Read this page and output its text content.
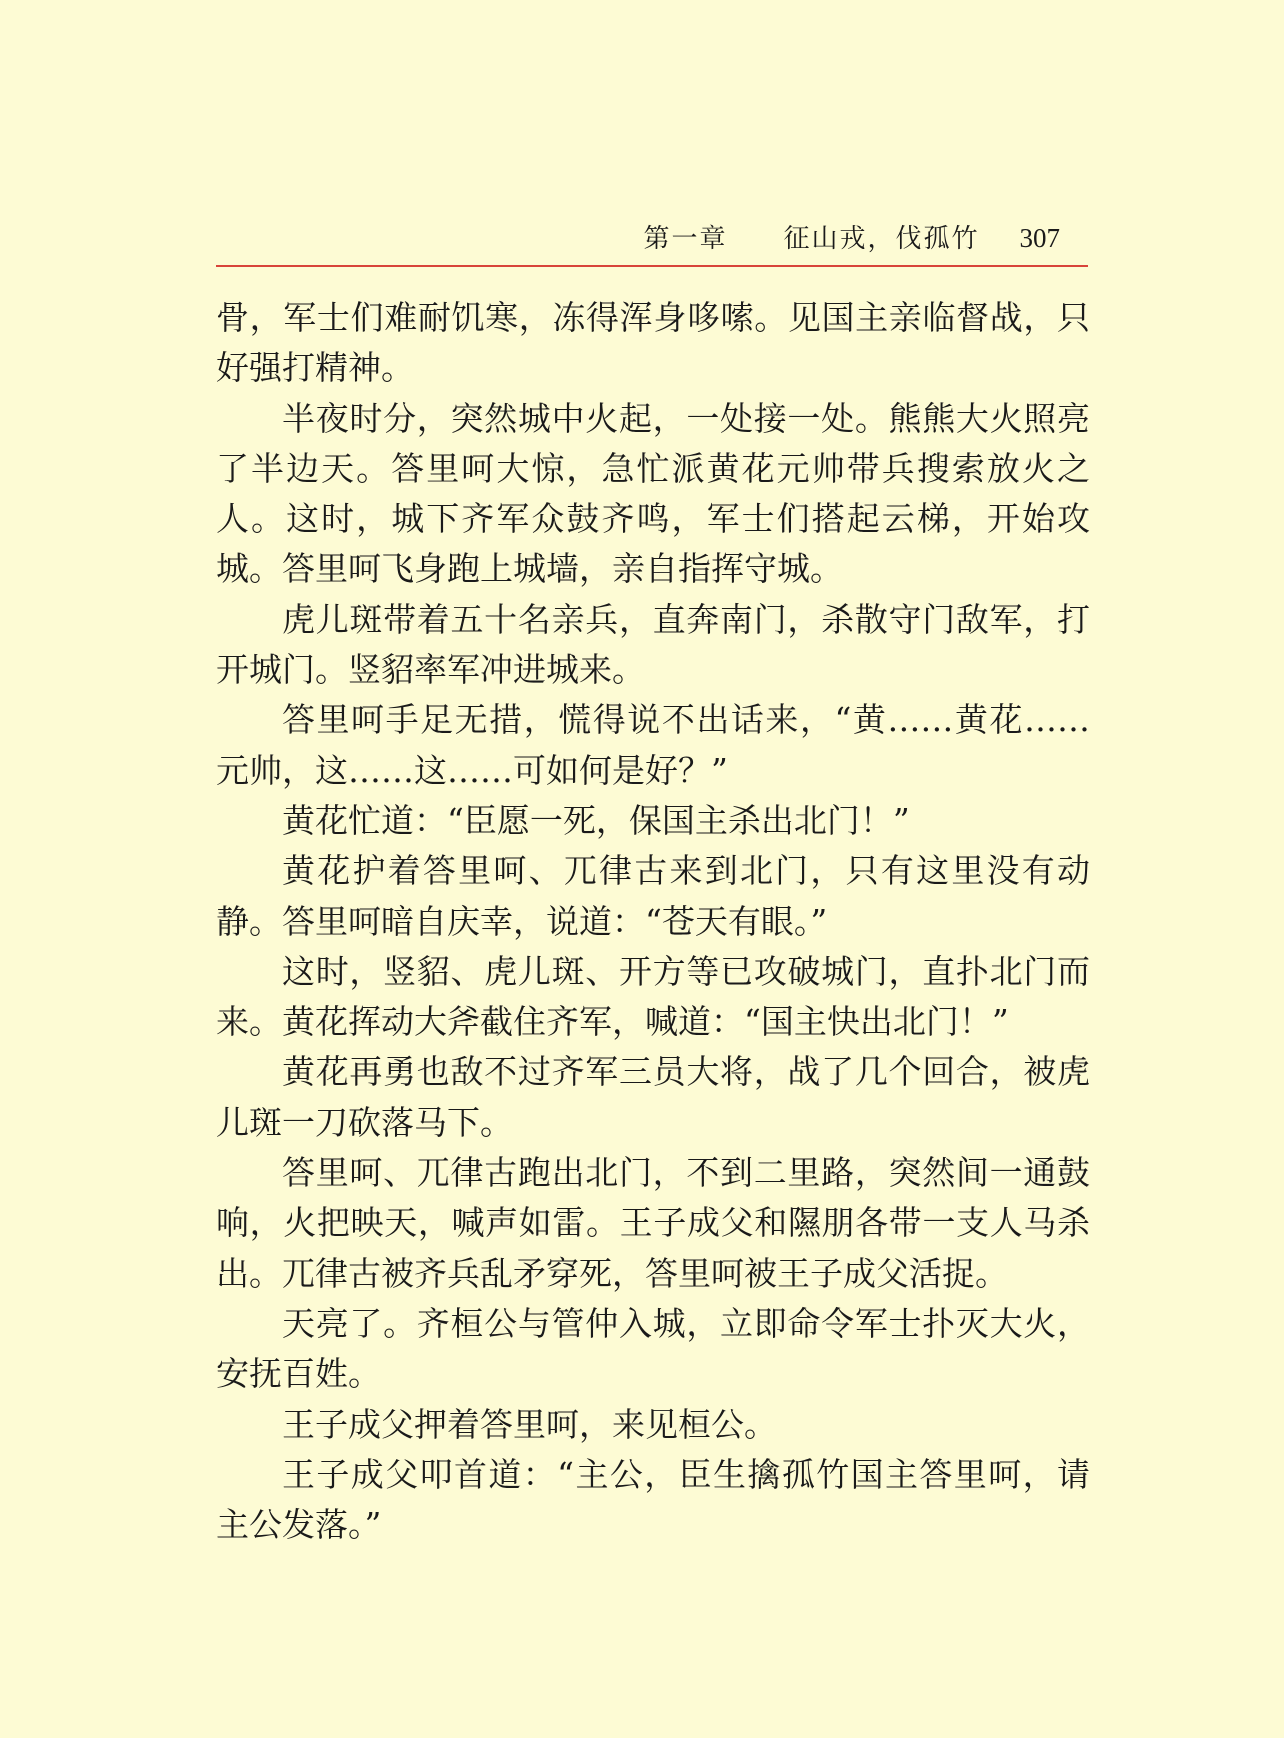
第一章 征山戎，伐孤竹 307

骨，军士们难耐饥寒，冻得浑身哆嗦。见国主亲临督战，只好强打精神。

半夜时分，突然城中火起，一处接一处。熊熊大火照亮了半边天。答里呵大惊，急忙派黄花元帅带兵搜索放火之人。这时，城下齐军众鼓齐鸣，军士们搭起云梯，开始攻城。答里呵飞身跑上城墙，亲自指挥守城。

虎儿斑带着五十名亲兵，直奔南门，杀散守门敌军，打开城门。竖貂率军冲进城来。

答里呵手足无措，慌得说不出话来，“黄……黄花……元帅，这……这……可如何是好？”

黄花忙道：“臣愿一死，保国主杀出北门！”

黄花护着答里呵、兀律古来到北门，只有这里没有动静。答里呵暗自庆幸，说道：“苍天有眼。”

这时，竖貂、虎儿斑、开方等已攻破城门，直扑北门而来。黄花挥动大斧截住齐军，喊道：“国主快出北门！”

黄花再勇也敌不过齐军三员大将，战了几个回合，被虎儿斑一刀砍落马下。

答里呵、兀律古跑出北门，不到二里路，突然间一通鼓响，火把映天，喊声如雷。王子成父和隰朋各带一支人马杀出。兀律古被齐兵乱矛穿死，答里呵被王子成父活捉。

天亮了。齐桓公与管仲入城，立即命令军士扑灭大火，安抚百姓。

王子成父押着答里呵，来见桓公。

王子成父叩首道：“主公，臣生擒孤竹国主答里呵，请主公发落。”
